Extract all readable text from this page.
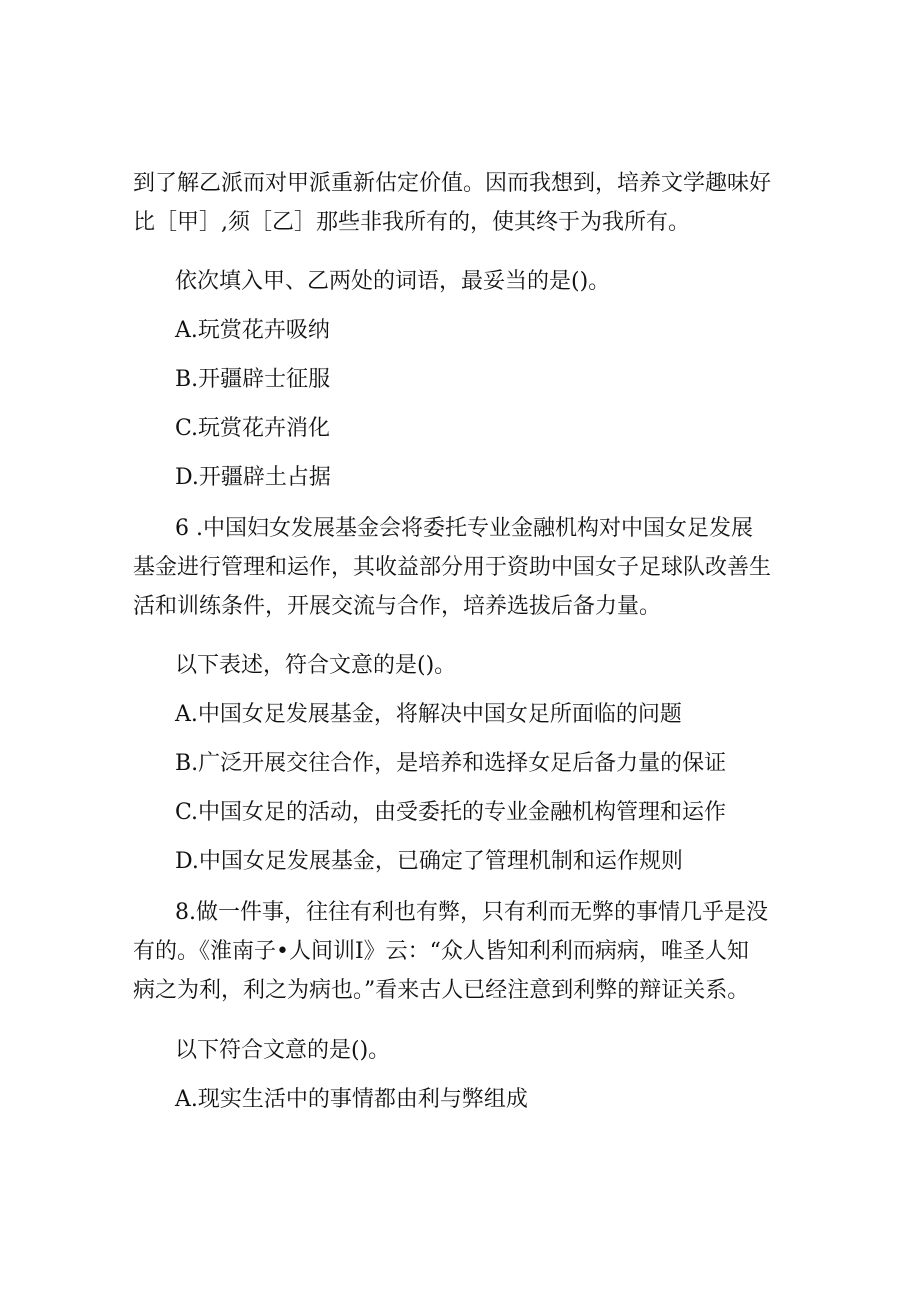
到了解乙派而对甲派重新估定价值。因而我想到，培养文学趣味好
比［甲］,须［乙］那些非我所有的，使其终于为我所有。

依次填入甲、乙两处的词语，最妥当的是()。

A.玩赏花卉吸纳

B.开疆辟士征服

C.玩赏花卉消化

D.开疆辟土占据

6 .中国妇女发展基金会将委托专业金融机构对中国女足发展
基金进行管理和运作，其收益部分用于资助中国女子足球队改善生
活和训练条件，开展交流与合作，培养选拔后备力量。

以下表述，符合文意的是()。

A.中国女足发展基金，将解决中国女足所面临的问题

B.广泛开展交往合作，是培养和选择女足后备力量的保证

C.中国女足的活动，由受委托的专业金融机构管理和运作

D.中国女足发展基金，已确定了管理机制和运作规则

8.做一件事，往往有利也有弊，只有利而无弊的事情几乎是没
有的。《淮南子•人间训I》云：“众人皆知利利而病病，唯圣人知
病之为利，利之为病也。”看来古人已经注意到利弊的辩证关系。

以下符合文意的是()。

A.现实生活中的事情都由利与弊组成
